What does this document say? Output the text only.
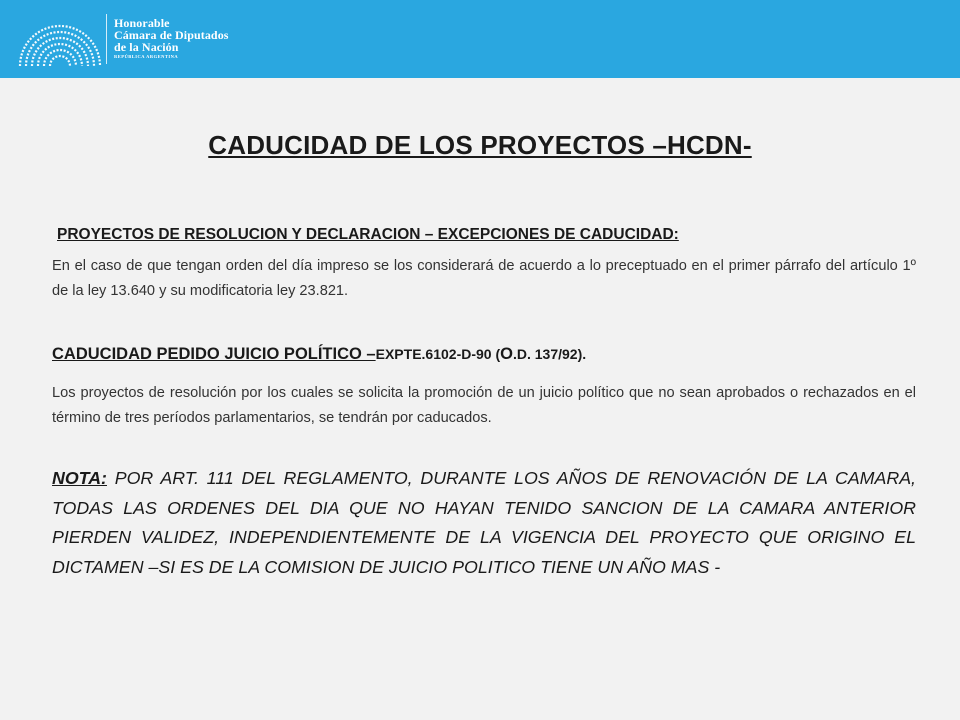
Honorable
Cámara de Diputados
de la Nación
REPÚBLICA ARGENTINA
CADUCIDAD DE LOS PROYECTOS –HCDN-
PROYECTOS DE RESOLUCION Y DECLARACION – EXCEPCIONES DE CADUCIDAD:
En el caso de que tengan orden del día impreso se los considerará de acuerdo a lo preceptuado en el primer párrafo del artículo 1º de la ley 13.640 y su modificatoria ley 23.821.
CADUCIDAD PEDIDO JUICIO POLÍTICO –EXPTE.6102-D-90 (O.D. 137/92).
Los proyectos de resolución por los cuales se solicita la promoción de un juicio político que no sean aprobados o rechazados en el término de tres períodos parlamentarios, se tendrán por caducados.
NOTA: POR ART. 111 DEL REGLAMENTO, DURANTE LOS AÑOS DE RENOVACIÓN DE LA CAMARA, TODAS LAS ORDENES DEL DIA QUE NO HAYAN TENIDO SANCION DE LA CAMARA ANTERIOR PIERDEN VALIDEZ, INDEPENDIENTEMENTE DE LA VIGENCIA DEL PROYECTO QUE ORIGINO EL DICTAMEN –SI ES DE LA COMISION DE JUICIO POLITICO TIENE UN AÑO MAS -
